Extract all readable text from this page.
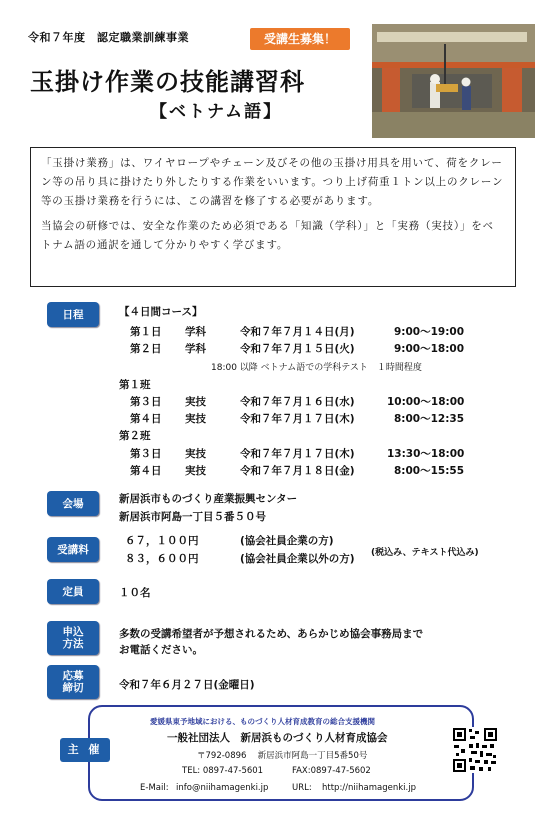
令和７年度　認定職業訓練事業	受講生募集！
玉掛け作業の技能講習科
【ベトナム語】

「玉掛け業務」は、ワイヤロープやチェーン及びその他の玉掛け用具を用いて、荷をクレーン等の吊り具に掛けたり外したりする作業をいいます。つり上げ荷重１トン以上のクレーン等の玉掛け業務を行うには、この講習を修了する必要があります。

当協会の研修では、安全な作業のため必須である「知識（学科）」と「実務（実技）」をベトナム語の通訳を通して分かりやすく学びます。

日程	【４日間コース】
第１日 学科	令和７年７月１４日(月)	9:00～19:00
第２日 学科	令和７年７月１５日(火)	9:00～18:00
18:00 以降 ベトナム語での学科テスト　１時間程度
第１班
第３日 実技	令和７年７月１６日(水)	10:00～18:00
第４日 実技	令和７年７月１７日(木)	8:00～12:35
第２班
第３日 実技	令和７年７月１７日(木)	13:30～18:00
第４日 実技	令和７年７月１８日(金)	8:00～15:55
会場	新居浜市ものづくり産業振興センター
新居浜市阿島一丁目５番５０号
受講料
６７，１００円	(協会社員企業の方)
８３，６００円	(協会社員企業以外の方) (税込み、テキスト代込み)
定員	１０名
申込
方法
多数の受講希望者が予想されるため、あらかじめ協会事務局まで
お電話ください。
応募
締切	令和７年６月２７日(金曜日)
主 催
愛媛県東予地域における、ものづくり人材育成教育の総合支援機関
一般社団法人　新居浜ものづくり人材育成協会
〒792-0896　 新居浜市阿島一丁目5番50号
TEL: 0897-47-5601	FAX:0897-47-5602
E-Mail: info@niihamagenki.jp	URL: http://niihamagenki.jp
